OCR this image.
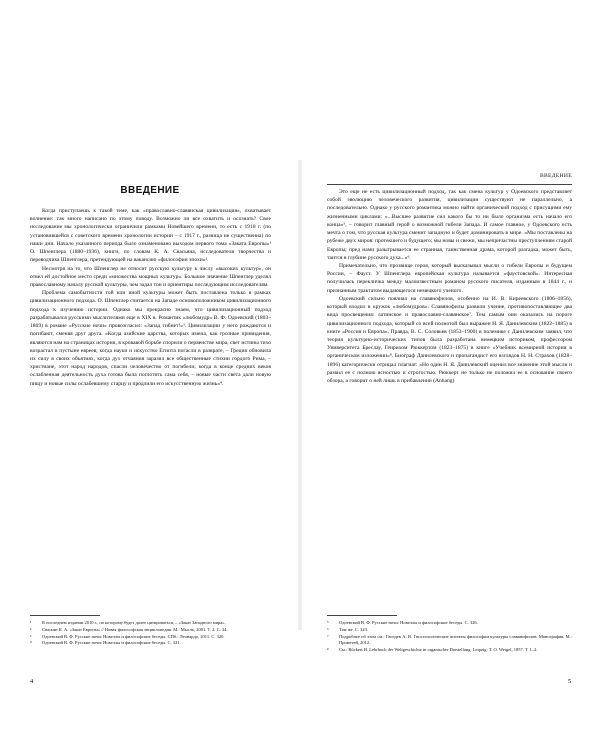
ВВЕДЕНИЕ

Когда приступаешь к такой теме, как «православно-славянская цивилизация», охватывает волнение: так много написано по этому поводу. Возможно ли все охватить и осознать? Свое исследование мы хронологически ограничили рамками Новейшего времени, то есть с 1918 г. (по установившейся с советского времени хронологии истории – с 1917 г., разница не существенна) по наши дни. Начало указанного периода было ознаменовано выходом первого тома «Заката Европы»¹ О. Шпенглера (1880–1936), книги, по словам К. А. Свасьяна, исследователя творчества и переводчика Шпенглера, претендующей на вакансию «философии эпохи»².

Несмотря на то, что Шпенглер не относит русскую культуру к числу «высоких культур», он отвел ей достойное место среди «множества мощных культур». Большое значение Шпенглер уделял православному началу русской культуры, чем задал тон и ориентиры последующим исследователям.

Проблема самобытности той или иной культуры может быть поставлена только в рамках цивилизационного подхода. О. Шпенглер считается на Западе основоположником цивилизационного подхода к изучению истории. Однако мы прекрасно знаем, что цивилизационный подход разрабатывался русскими мыслителями еще в XIX в. Романтик «любомудр» В. Ф. Одоевский (1803–1869) в романе «Русские ночи» провозгласил: «Запад гибнет!»³. Цивилизации у него рождаются и погибают, сменяя друг друга. «Когда азийские царства, которых имена, как грозные привидения, являются нам на страницах истории, в кровавой борьбе спорили о первенстве мира, свет истины тихо возрастал в пустыне евреев, когда науки и искусство Египта погасли в разврате, – Греция обновила их силу в своих объятиях, когда дух отчаяния заразил все общественные стихии гордого Рима, – христиане, этот народ народов, спасли человечество от погибели; когда в конце средних веков ослабленная деятельность духа готова была поглотить сама себя, – новые части света дали новую пищу и новые силы ослабевшему старцу и продлили его искусственную жизнь»⁴.

¹	В последнем издании 2010 г., по которому будет далее цитироваться, – «Закат Западного мира».
²	Свасьян К. А. «Закат Европы» // Новая философская энциклопедия. М.: Мысль, 2001. Т. 2. С. 34.
³	Одоевский В. Ф. Русские ночи: Новеллы и философские беседы. СПб.: Леонардо, 2011. С. 320.
⁴	Одоевский В. Ф. Русские ночи: Новеллы и философские беседы. С. 321.
4
ВВЕДЕНИЕ

Это еще не есть цивилизационный подход, так как смена культур у Одоевского представляет собой эволюцию человеческого развития, цивилизации существуют не параллельно, а последовательно. Однако у русского романтика можно найти органический подход с присущими ему жизненными циклами: «...Высшее развитие сил какого бы то ни было организма есть начало его конца»⁵, – говорит главный герой о возможной гибели Запада. И самое главное, у Одоевского есть мечта о том, что русская культура сменит западную и будет доминировать в мире. «Мы поставлены на рубеже двух миров: протекшего и будущего; мы новы и свежи, мы непричастны преступлениям старой Европы; пред нами разыгрывается ее странная, таинственная драма, которой разгадка, может быть, таится в глубине русского духа...»⁶.

Примечательно, что прозвище героя, который высказывал мысли о гибели Европы и будущем России, – Фауст. У Шпенглера европейская культура называется «фаустовской». Интересная получилась перекличка между малоизвестным романом русского писателя, изданным в 1844 г., и признанным трактатом выдающегося немецкого ученого.

Одоевский сильно повлиял на славянофилов, особенно на И. В. Киреевского (1806–1856), который входил в кружок «любомудров». Славянофилы развили учение, противопоставляющее два вида просвещения: латинское и православно-славянское⁷. Тем самым они оказались на пороге цивилизационного подхода, который со всей полнотой был выражен Н. Я. Данилевским (1822–1885) в книге «Россия и Европа». Правда, В. С. Соловьев (1853–1900) в полемике с Данилевским заявил, что теория культурно-исторических типов была разработана немецким историком, профессором Университета Бреслау, Генрихом Рюккертом (1823–1875) в книге «Учебник всемирной истории в органическом изложении»⁸. Биограф Данилевского и пропагандист его взглядов Н. Н. Страхов (1828–1896) категорически отрицал плагиат: «Но один Н. Я. Данилевский оценил все значение этой мысли и развил ее с полною ясностью и строгостью. Рюккерт не только не положил ее в основание своего обзора, а говорит о ней лишь в прибавлении (Anhang)

⁵	Одоевский В. Ф. Русские ночи: Новеллы и философские беседы. С. 326.
⁶	Там же. С. 323.
⁷	Подробнее об этом см.: Гвоздев А. В. Гносеологические аспекты философии культуры славянофилов. Монография. М.: Прометей, 2012.
⁸	См.: Rückert H. Lehrbuch der Weltgeschichte in organischer Darstellung. Leipzig: T. O. Weigel, 1857. T. 1–2.
5
